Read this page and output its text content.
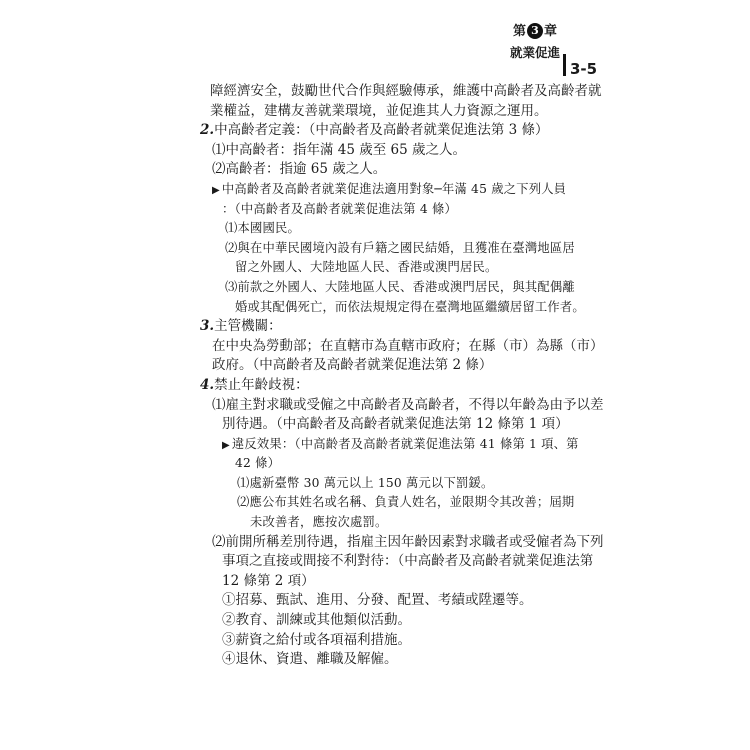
第 3 章
就業促進
3-5
障經濟安全，鼓勵世代合作與經驗傳承，維護中高齡者及高齡者就
業權益，建構友善就業環境，並促進其人力資源之運用。
2.中高齡者定義：（中高齡者及高齡者就業促進法第 3 條）
⑴中高齡者：指年滿 45 歲至 65 歲之人。
⑵高齡者：指逾 65 歲之人。
▶ 中高齡者及高齡者就業促進法適用對象─年滿 45 歲之下列人員
：（中高齡者及高齡者就業促進法第 4 條）
⑴本國國民。
⑵與在中華民國境內設有戶籍之國民結婚，且獲准在臺灣地區居
留之外國人、大陸地區人民、香港或澳門居民。
⑶前款之外國人、大陸地區人民、香港或澳門居民，與其配偶離
婚或其配偶死亡，而依法規規定得在臺灣地區繼續居留工作者。
3.主管機關：
在中央為勞動部；在直轄市為直轄市政府；在縣（市）為縣（市）
政府。（中高齡者及高齡者就業促進法第 2 條）
4.禁止年齡歧視：
⑴雇主對求職或受僱之中高齡者及高齡者，不得以年齡為由予以差
別待遇。（中高齡者及高齡者就業促進法第 12 條第 1 項）
▶ 違反效果：（中高齡者及高齡者就業促進法第 41 條第 1 項、第
42 條）
⑴處新臺幣 30 萬元以上 150 萬元以下罰鍰。
⑵應公布其姓名或名稱、負責人姓名，並限期令其改善；屆期
未改善者，應按次處罰。
⑵前開所稱差別待遇，指雇主因年齡因素對求職者或受僱者為下列
事項之直接或間接不利對待：（中高齡者及高齡者就業促進法第
12 條第 2 項）
①招募、甄試、進用、分發、配置、考績或陞遷等。
②教育、訓練或其他類似活動。
③薪資之給付或各項福利措施。
④退休、資遣、離職及解僱。
